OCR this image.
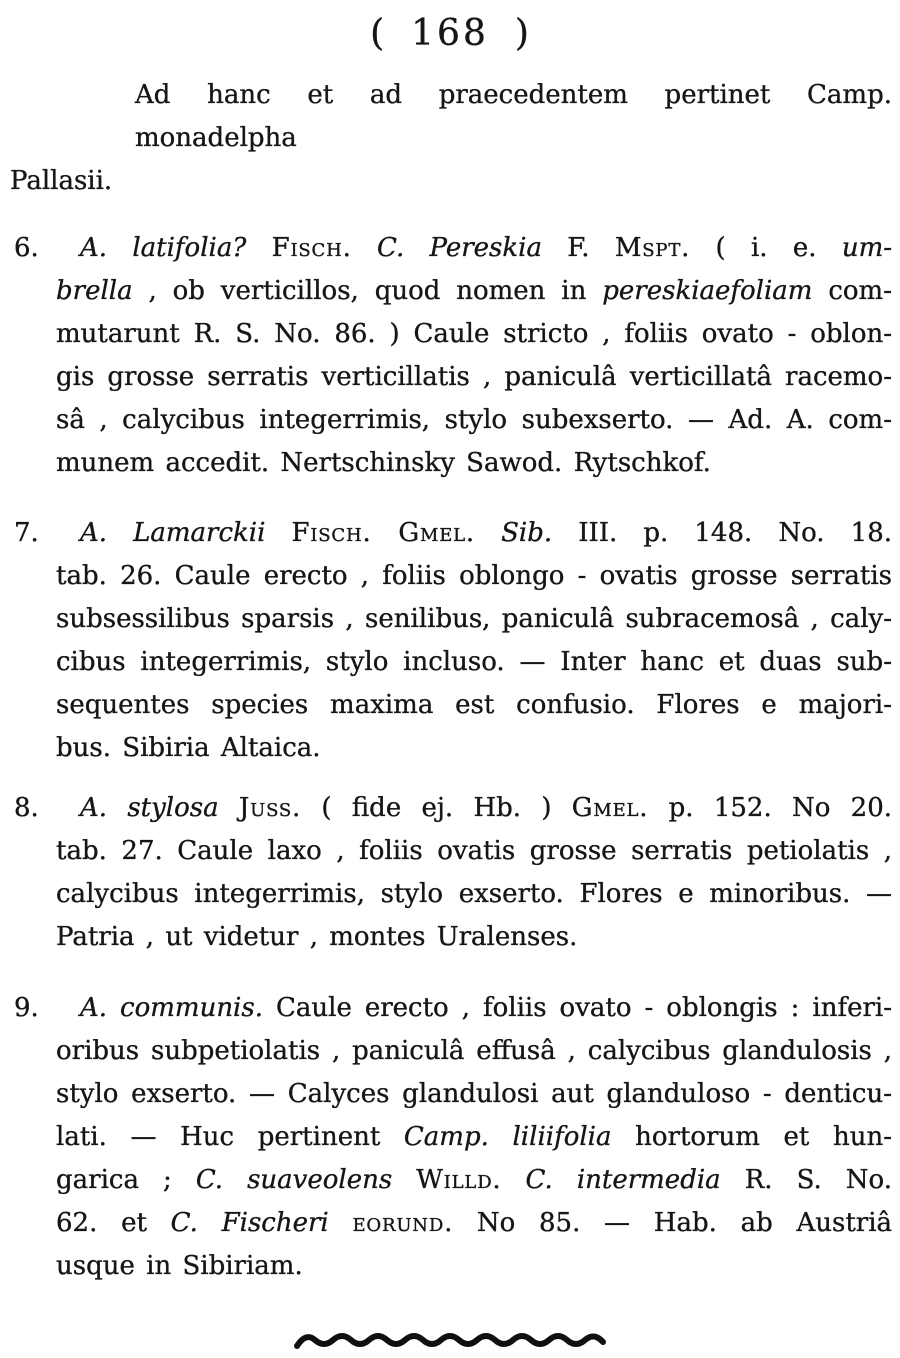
( 168 )
Ad hanc et ad praecedentem pertinet Camp. monadelpha
Pallasii.
6.	A. latifolia? Fisch. C. Pereskia F. Mspt. ( i. e. um-
brella , ob verticillos, quod nomen in pereskiaefoliam com-
mutarunt R. S. No. 86. ) Caule stricto , foliis ovato - oblon-
gis grosse serratis verticillatis , paniculâ verticillatâ racemo-
sâ , calycibus integerrimis, stylo subexserto. — Ad. A. com-
munem accedit. Nertschinsky Sawod. Rytschkof.
7.	A. Lamarckii Fisch. Gmel. Sib. III. p. 148. No. 18.
tab. 26. Caule erecto , foliis oblongo - ovatis grosse serratis
subsessilibus sparsis , senilibus, paniculâ subracemosâ , caly-
cibus integerrimis, stylo incluso. — Inter hanc et duas sub-
sequentes species maxima est confusio. Flores e majori-
bus. Sibiria Altaica.
8.	A. stylosa Juss. ( fide ej. Hb. ) Gmel. p. 152. No 20.
tab. 27. Caule laxo , foliis ovatis grosse serratis petiolatis ,
calycibus integerrimis, stylo exserto. Flores e minoribus. —
Patria , ut videtur , montes Uralenses.
9.	A. communis. Caule erecto , foliis ovato - oblongis : inferi-
oribus subpetiolatis , paniculâ effusâ , calycibus glandulosis ,
stylo exserto. — Calyces glandulosi aut glanduloso - denticu-
lati. — Huc pertinent Camp. liliifolia hortorum et hun-
garica ; C. suaveolens Willd. C. intermedia R. S. No.
62. et C. Fischeri eorund. No 85. — Hab. ab Austriâ
usque in Sibiriam.
